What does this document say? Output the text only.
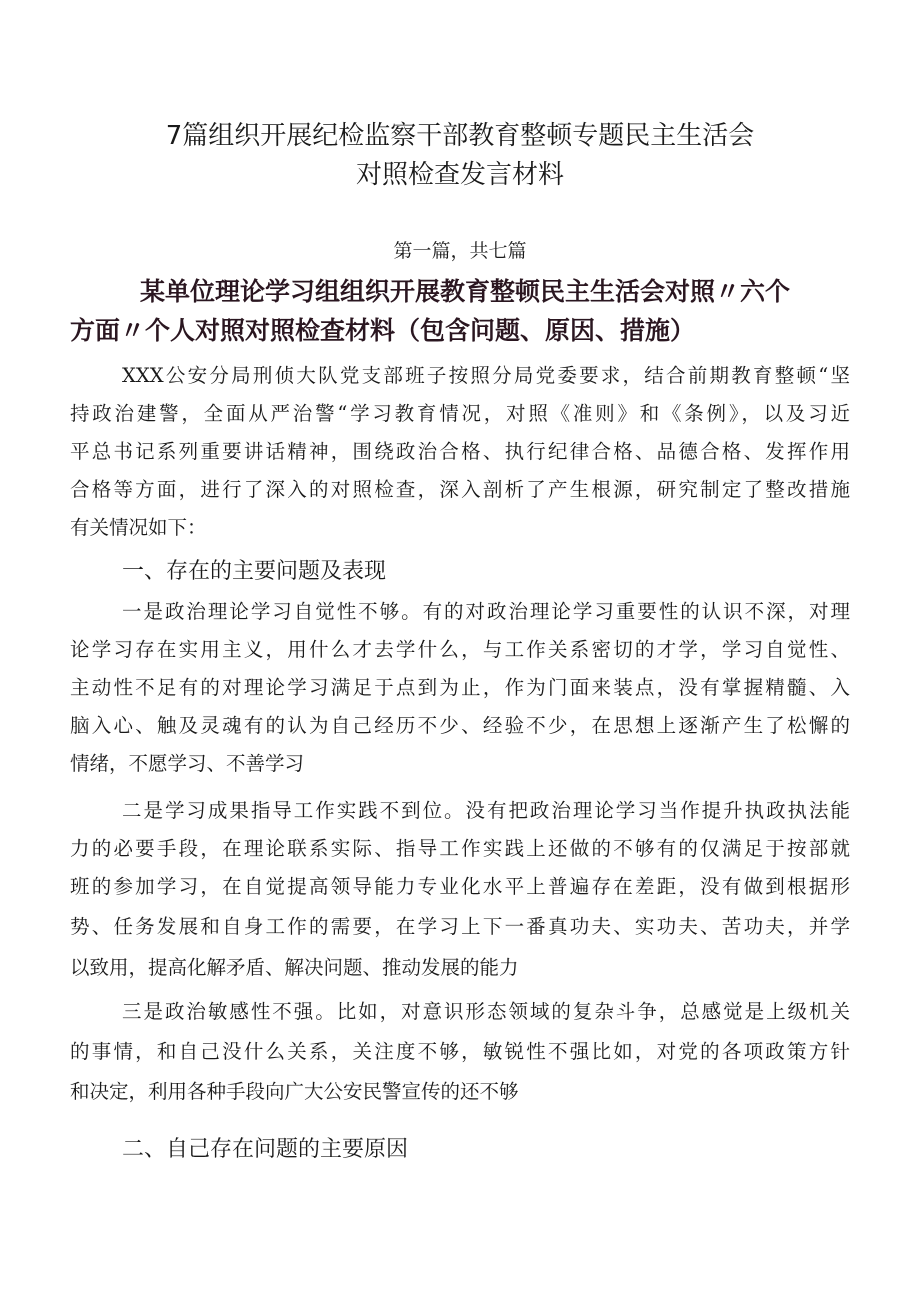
7篇组织开展纪检监察干部教育整顿专题民主生活会
对照检查发言材料
第一篇，共七篇
某单位理论学习组组织开展教育整顿民主生活会对照〃六个
方面〃个人对照对照检查材料（包含问题、原因、措施）
XXX公安分局刑侦大队党支部班子按照分局党委要求，结合前期教育整顿“坚
持政治建警，全面从严治警“学习教育情况，对照《准则》和《条例》，以及习近
平总书记系列重要讲话精神，围绕政治合格、执行纪律合格、品德合格、发挥作用
合格等方面，进行了深入的对照检查，深入剖析了产生根源，研究制定了整改措施
有关情况如下：
一、存在的主要问题及表现
一是政治理论学习自觉性不够。有的对政治理论学习重要性的认识不深，对理
论学习存在实用主义，用什么才去学什么，与工作关系密切的才学，学习自觉性、
主动性不足有的对理论学习满足于点到为止，作为门面来装点，没有掌握精髓、入
脑入心、触及灵魂有的认为自己经历不少、经验不少，在思想上逐渐产生了松懈的
情绪，不愿学习、不善学习
二是学习成果指导工作实践不到位。没有把政治理论学习当作提升执政执法能
力的必要手段，在理论联系实际、指导工作实践上还做的不够有的仅满足于按部就
班的参加学习，在自觉提高领导能力专业化水平上普遍存在差距，没有做到根据形
势、任务发展和自身工作的需要，在学习上下一番真功夫、实功夫、苦功夫，并学
以致用，提高化解矛盾、解决问题、推动发展的能力
三是政治敏感性不强。比如，对意识形态领域的复杂斗争，总感觉是上级机关
的事情，和自己没什么关系，关注度不够，敏锐性不强比如，对党的各项政策方针
和决定，利用各种手段向广大公安民警宣传的还不够
二、自己存在问题的主要原因
